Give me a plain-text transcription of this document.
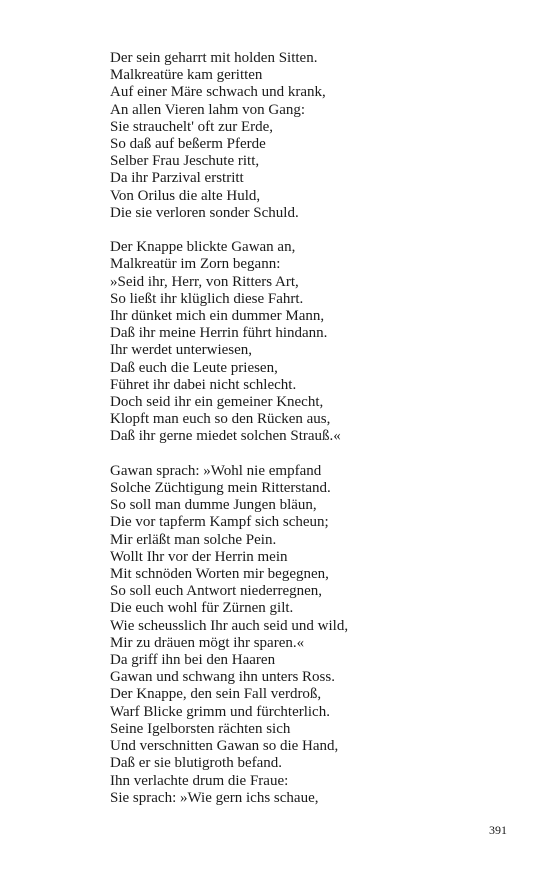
Der sein geharrt mit holden Sitten.
Malkreatüre kam geritten
Auf einer Märe schwach und krank,
An allen Vieren lahm von Gang:
Sie strauchelt' oft zur Erde,
So daß auf beßerm Pferde
Selber Frau Jeschute ritt,
Da ihr Parzival erstritt
Von Orilus die alte Huld,
Die sie verloren sonder Schuld.
Der Knappe blickte Gawan an,
Malkreatür im Zorn begann:
»Seid ihr, Herr, von Ritters Art,
So ließt ihr klüglich diese Fahrt.
Ihr dünket mich ein dummer Mann,
Daß ihr meine Herrin führt hindann.
Ihr werdet unterwiesen,
Daß euch die Leute priesen,
Führet ihr dabei nicht schlecht.
Doch seid ihr ein gemeiner Knecht,
Klopft man euch so den Rücken aus,
Daß ihr gerne miedet solchen Strauß.«
Gawan sprach: »Wohl nie empfand
Solche Züchtigung mein Ritterstand.
So soll man dumme Jungen bläun,
Die vor tapferm Kampf sich scheun;
Mir erläßt man solche Pein.
Wollt Ihr vor der Herrin mein
Mit schnöden Worten mir begegnen,
So soll euch Antwort niederregnen,
Die euch wohl für Zürnen gilt.
Wie scheusslich Ihr auch seid und wild,
Mir zu dräuen mögt ihr sparen.«
Da griff ihn bei den Haaren
Gawan und schwang ihn unters Ross.
Der Knappe, den sein Fall verdroß,
Warf Blicke grimm und fürchterlich.
Seine Igelborsten rächten sich
Und verschnitten Gawan so die Hand,
Daß er sie blutigroth befand.
Ihn verlachte drum die Fraue:
Sie sprach: »Wie gern ichs schaue,
391
